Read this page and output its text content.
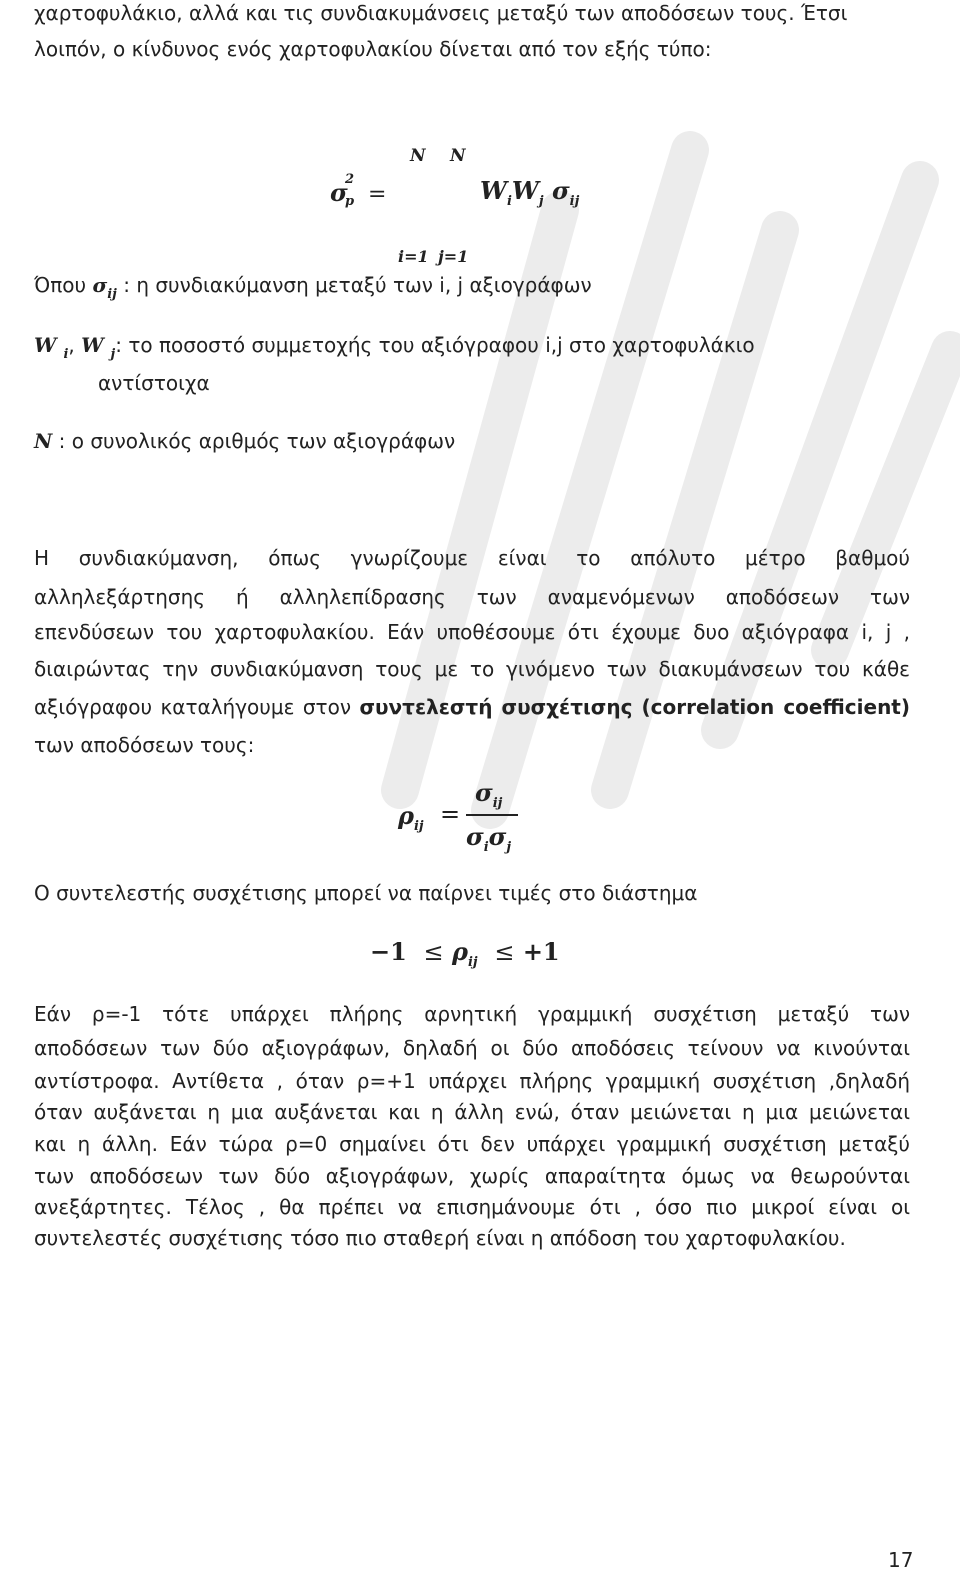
χαρτοφυλάκιο, αλλά και τις συνδιακυμάνσεις μεταξύ των αποδόσεων τους. Έτσι
λοιπόν, ο κίνδυνος ενός χαρτοφυλακίου δίνεται από τον εξής τύπο:
σ
2
p =
N N
i=1 j=1
$W_iW_j$ $\sigma_{ij}$
Όπου $\sigma_{ij}$ : η συνδιακύμανση μεταξύ των i, j αξιογράφων
W $_i$, W $_j$: το ποσοστό συμμετοχής του αξιόγραφου i,j στο χαρτοφυλάκιο
αντίστοιχα
N : ο συνολικός αριθμός των αξιογράφων
Η συνδιακύμανση, όπως γνωρίζουμε είναι το απόλυτο μέτρο βαθμού
αλληλεξάρτησης ή αλληλεπίδρασης των αναμενόμενων αποδόσεων των
επενδύσεων του χαρτοφυλακίου. Εάν υποθέσουμε ότι έχουμε δυο αξιόγραφα i, j ,
διαιρώντας την συνδιακύμανση τους με το γινόμενο των διακυμάνσεων του κάθε
αξιόγραφου καταλήγουμε στον συντελεστή συσχέτισης (correlation coefficient)
των αποδόσεων τους:
$\rho_{ij}$ =
$\sigma_{ij}$
$\sigma_i\sigma_j$
Ο συντελεστής συσχέτισης μπορεί να παίρνει τιμές στο διάστημα
$-1 \le \rho_{ij} \le +1$
Εάν ρ=-1 τότε υπάρχει πλήρης αρνητική γραμμική συσχέτιση μεταξύ των
αποδόσεων των δύο αξιογράφων, δηλαδή οι δύο αποδόσεις τείνουν να κινούνται
αντίστροφα. Αντίθετα , όταν ρ=+1 υπάρχει πλήρης γραμμική συσχέτιση ,δηλαδή
όταν αυξάνεται η μια αυξάνεται και η άλλη ενώ, όταν μειώνεται η μια μειώνεται
και η άλλη. Εάν τώρα ρ=0 σημαίνει ότι δεν υπάρχει γραμμική συσχέτιση μεταξύ
των αποδόσεων των δύο αξιογράφων, χωρίς απαραίτητα όμως να θεωρούνται
ανεξάρτητες. Τέλος , θα πρέπει να επισημάνουμε ότι , όσο πιο μικροί είναι οι
συντελεστές συσχέτισης τόσο πιο σταθερή είναι η απόδοση του χαρτοφυλακίου.
17
